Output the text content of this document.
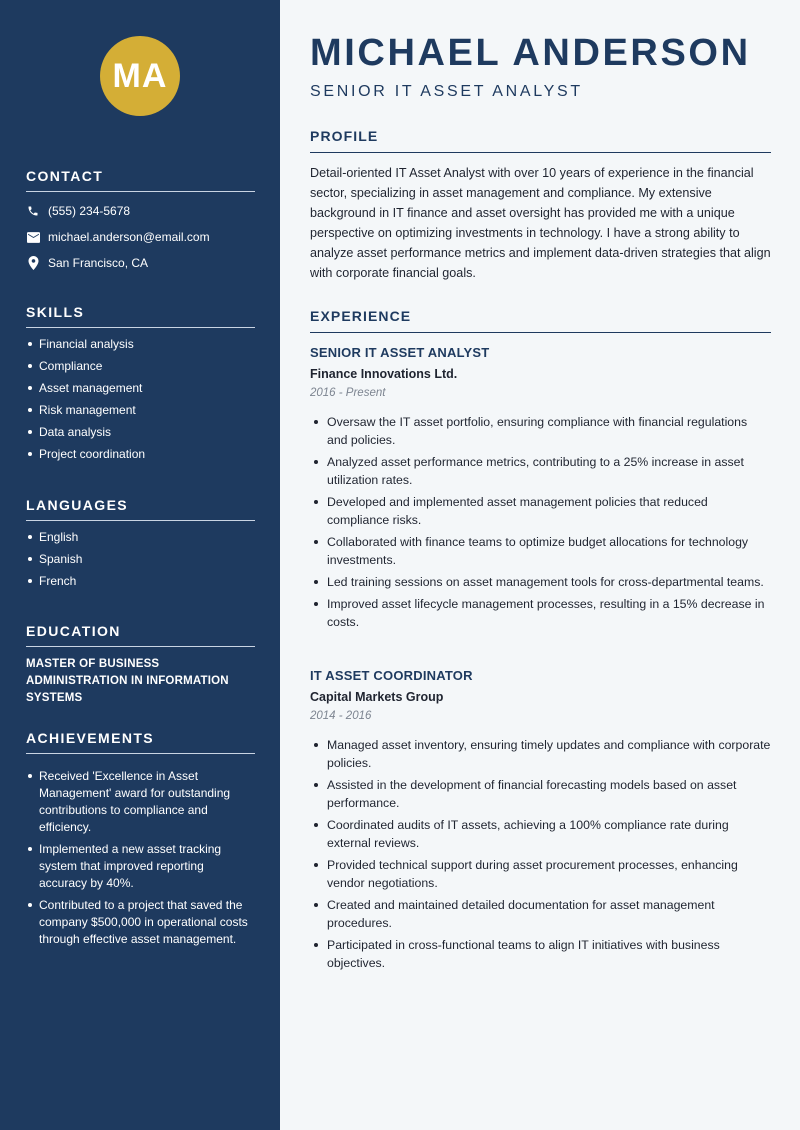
MA
CONTACT
(555) 234-5678
michael.anderson@email.com
San Francisco, CA
SKILLS
Financial analysis
Compliance
Asset management
Risk management
Data analysis
Project coordination
LANGUAGES
English
Spanish
French
EDUCATION
MASTER OF BUSINESS ADMINISTRATION IN INFORMATION SYSTEMS
ACHIEVEMENTS
Received 'Excellence in Asset Management' award for outstanding contributions to compliance and efficiency.
Implemented a new asset tracking system that improved reporting accuracy by 40%.
Contributed to a project that saved the company $500,000 in operational costs through effective asset management.
MICHAEL ANDERSON
SENIOR IT ASSET ANALYST
PROFILE
Detail-oriented IT Asset Analyst with over 10 years of experience in the financial sector, specializing in asset management and compliance. My extensive background in IT finance and asset oversight has provided me with a unique perspective on optimizing investments in technology. I have a strong ability to analyze asset performance metrics and implement data-driven strategies that align with corporate financial goals.
EXPERIENCE
SENIOR IT ASSET ANALYST
Finance Innovations Ltd.
2016 - Present
Oversaw the IT asset portfolio, ensuring compliance with financial regulations and policies.
Analyzed asset performance metrics, contributing to a 25% increase in asset utilization rates.
Developed and implemented asset management policies that reduced compliance risks.
Collaborated with finance teams to optimize budget allocations for technology investments.
Led training sessions on asset management tools for cross-departmental teams.
Improved asset lifecycle management processes, resulting in a 15% decrease in costs.
IT ASSET COORDINATOR
Capital Markets Group
2014 - 2016
Managed asset inventory, ensuring timely updates and compliance with corporate policies.
Assisted in the development of financial forecasting models based on asset performance.
Coordinated audits of IT assets, achieving a 100% compliance rate during external reviews.
Provided technical support during asset procurement processes, enhancing vendor negotiations.
Created and maintained detailed documentation for asset management procedures.
Participated in cross-functional teams to align IT initiatives with business objectives.
